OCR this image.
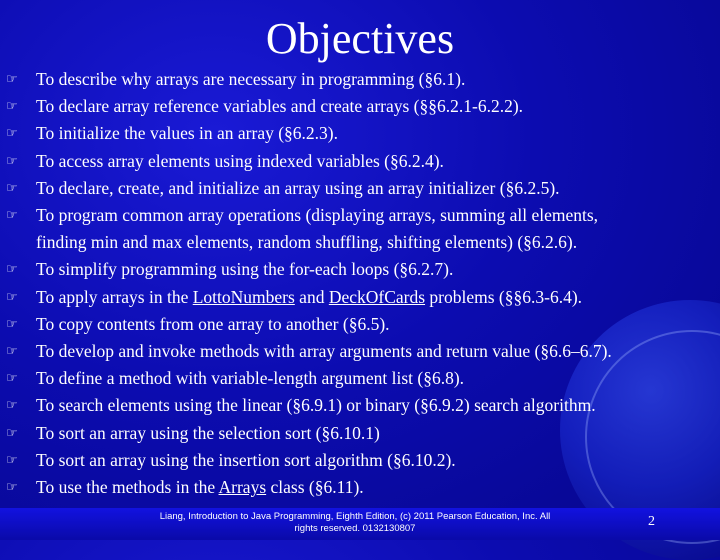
Objectives
☞ To describe why arrays are necessary in programming (§6.1).
☞ To declare array reference variables and create arrays (§§6.2.1-6.2.2).
☞ To initialize the values in an array (§6.2.3).
☞ To access array elements using indexed variables (§6.2.4).
☞ To declare, create, and initialize an array using an array initializer (§6.2.5).
☞ To program common array operations (displaying arrays, summing all elements,
finding min and max elements, random shuffling, shifting elements) (§6.2.6).
☞ To simplify programming using the for-each loops (§6.2.7).
☞ To apply arrays in the LottoNumbers and DeckOfCards problems (§§6.3-6.4).
☞ To copy contents from one array to another (§6.5).
☞ To develop and invoke methods with array arguments and return value (§6.6–6.7).
☞ To define a method with variable-length argument list (§6.8).
☞ To search elements using the linear (§6.9.1) or binary (§6.9.2) search algorithm.
☞ To sort an array using the selection sort (§6.10.1)
☞ To sort an array using the insertion sort algorithm (§6.10.2).
☞ To use the methods in the Arrays class (§6.11).
Liang, Introduction to Java Programming, Eighth Edition, (c) 2011 Pearson Education, Inc. All
rights reserved. 0132130807	2
